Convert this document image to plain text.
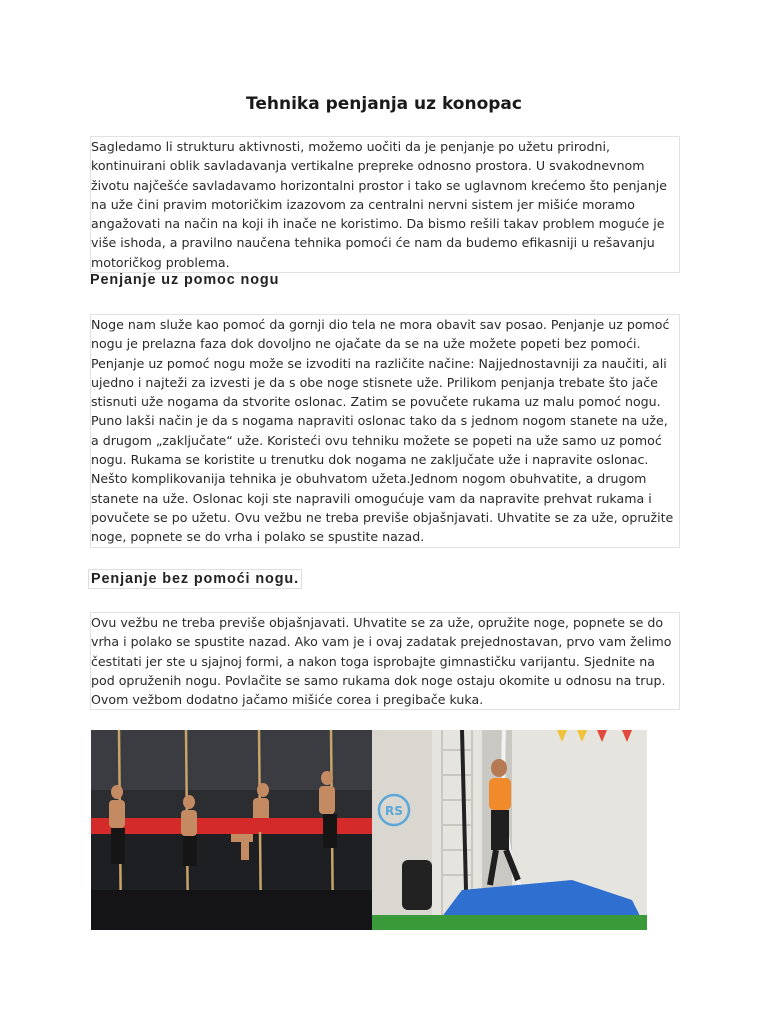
Tehnika penjanja uz konopac
Sagledamo li strukturu aktivnosti, možemo uočiti da je penjanje po užetu prirodni, kontinuirani oblik savladavanja vertikalne prepreke odnosno prostora. U svakodnevnom životu najčešće savladavamo horizontalni prostor i tako se uglavnom krećemo što penjanje na uže čini pravim motoričkim izazovom za centralni nervni sistem jer mišiće moramo angažovati na način na koji ih inače ne koristimo. Da bismo rešili takav problem moguće je više ishoda, a pravilno naučena tehnika pomoći će nam da budemo efikasniji u rešavanju motoričkog problema.
Penjanje uz pomoc nogu
Noge nam služe kao pomoć da gornji dio tela ne mora obavit sav posao. Penjanje uz pomoć nogu je prelazna faza dok dovoljno ne ojačate da se na uže možete popeti bez pomoći. Penjanje uz pomoć nogu može se izvoditi na različite načine: Najjednostavniji za naučiti, ali ujedno i najteži za izvesti je da s obe noge stisnete uže. Prilikom penjanja trebate što jače stisnuti uže nogama da stvorite oslonac. Zatim se povučete rukama uz malu pomoć nogu. Puno lakši način je da s nogama napraviti oslonac tako da s jednom nogom stanete na uže, a drugom „zaključate“ uže. Koristeći ovu tehniku možete se popeti na uže samo uz pomoć nogu. Rukama se koristite u trenutku dok nogama ne zaključate uže i napravite oslonac. Nešto komplikovanija tehnika je obuhvatom užeta.Jednom nogom obuhvatite, a drugom stanete na uže. Oslonac koji ste napravili omogućuje vam da napravite prehvat rukama i povučete se po užetu. Ovu vežbu ne treba previše objašnjavati. Uhvatite se za uže, opružite noge, popnete se do vrha i polako se spustite nazad.
Penjanje bez pomoći nogu.
Ovu vežbu ne treba previše objašnjavati. Uhvatite se za uže, opružite noge, popnete se do vrha i polako se spustite nazad. Ako vam je i ovaj zadatak prejednostavan, prvo vam želimo čestitati jer ste u sjajnoj formi, a nakon toga isprobajte gimnastičku varijantu. Sjednite na pod opruženih nogu. Povlačite se samo rukama dok noge ostaju okomite u odnosu na trup. Ovom vežbom dodatno jačamo mišiće corea i pregibače kuka.
RS
